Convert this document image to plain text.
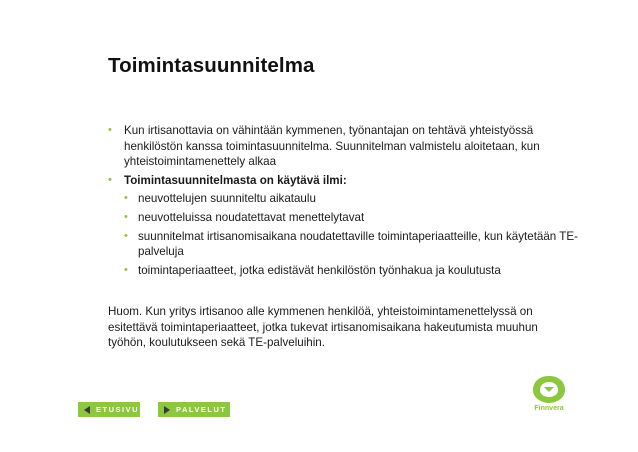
Toimintasuunnitelma
• Kun irtisanottavia on vähintään kymmenen, työnantajan on tehtävä yhteistyössä henkilöstön kanssa toimintasuunnitelma. Suunnitelman valmistelu aloitetaan, kun yhteistoimintamenettely alkaa
• Toimintasuunnitelmasta on käytävä ilmi:
• neuvottelujen suunniteltu aikataulu
• neuvotteluissa noudatettavat menettelytavat
• suunnitelmat irtisanomisaikana noudatettaville toimintaperiaatteille, kun käytetään TE-palveluja
• toimintaperiaatteet, jotka edistävät henkilöstön työnhakua ja koulutusta
Huom. Kun yritys irtisanoo alle kymmenen henkilöä, yhteistoimintamenettelyssä on esitettävä toimintaperiaatteet, jotka tukevat irtisanomisaikana hakeutumista muuhun työhön, koulutukseen sekä TE-palveluihin.
ETUSIVU	PALVELUT	Finnvera
